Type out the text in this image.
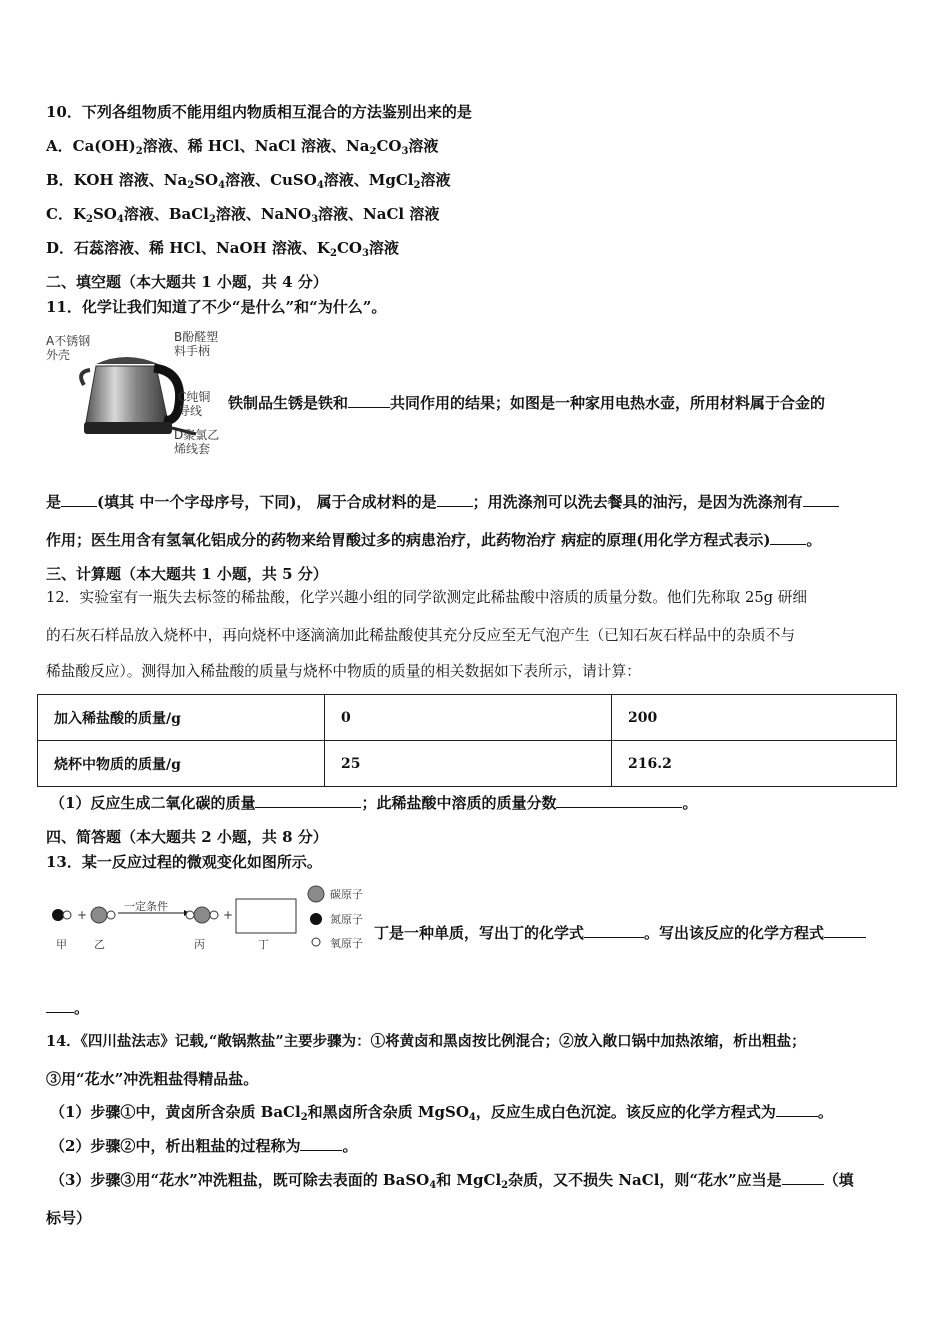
10．下列各组物质不能用组内物质相互混合的方法鉴别出来的是
A．$Ca(OH)_2$溶液、稀 HCl、NaCl 溶液、$Na_2CO_3$溶液
B．KOH 溶液、$Na_2SO_4$溶液、CuSO$_4$溶液、MgCl$_2$溶液
C．$K_2SO_4$溶液、BaCl$_2$溶液、NaNO$_3$溶液、NaCl 溶液
D．石蕊溶液、稀 HCl、NaOH 溶液、$K_2CO_3$溶液
二、填空题（本大题共 1 小题，共 4 分）
11．化学让我们知道了不少“是什么”和“为什么”。
A不锈钢
外壳
B酚醛塑
料手柄
C纯铜
导线
D聚氯乙
烯线套
铁制品生锈是铁和	共同作用的结果；如图是一种家用电热水壶，所用材料属于合金的
是 (填其 中一个字母序号，下同)， 属于合成材料的是 ；用洗涤剂可以洗去餐具的油污，是因为洗涤剂有
作用；医生用含有氢氧化铝成分的药物来给胃酸过多的病患治疗，此药物治疗 病症的原理(用化学方程式表示) 。
三、计算题（本大题共 1 小题，共 5 分）
12．实验室有一瓶失去标签的稀盐酸，化学兴趣小组的同学欲测定此稀盐酸中溶质的质量分数。他们先称取 25g 研细
的石灰石样品放入烧杯中，再向烧杯中逐滴滴加此稀盐酸使其充分反应至无气泡产生（已知石灰石样品中的杂质不与
稀盐酸反应）。测得加入稀盐酸的质量与烧杯中物质的质量的相关数据如下表所示，请计算：
加入稀盐酸的质量/g	0	200
烧杯中物质的质量/g	25	216.2
（1）反应生成二氧化碳的质量	；此稀盐酸中溶质的质量分数	。
四、简答题（本大题共 2 小题，共 8 分）
13．某一反应过程的微观变化如图所示。
+	+
一定条件
甲 乙	丙	丁
碳原子
氮原子
氧原子
丁是一种单质，写出丁的化学式	。写出该反应的化学方程式
。
14．《四川盐法志》记载,“敞锅熬盐”主要步骤为：①将黄卤和黑卤按比例混合；②放入敞口锅中加热浓缩，析出粗盐；
③用“花水”冲洗粗盐得精品盐。
（1）步骤①中，黄卤所含杂质 BaCl$_2$和黑卤所含杂质 MgSO$_4$，反应生成白色沉淀。该反应的化学方程式为	。
（2）步骤②中，析出粗盐的过程称为	。
（3）步骤③用“花水”冲洗粗盐，既可除去表面的 BaSO$_4$和 MgCl$_2$杂质，又不损失 NaCl，则“花水”应当是	（填
标号）
